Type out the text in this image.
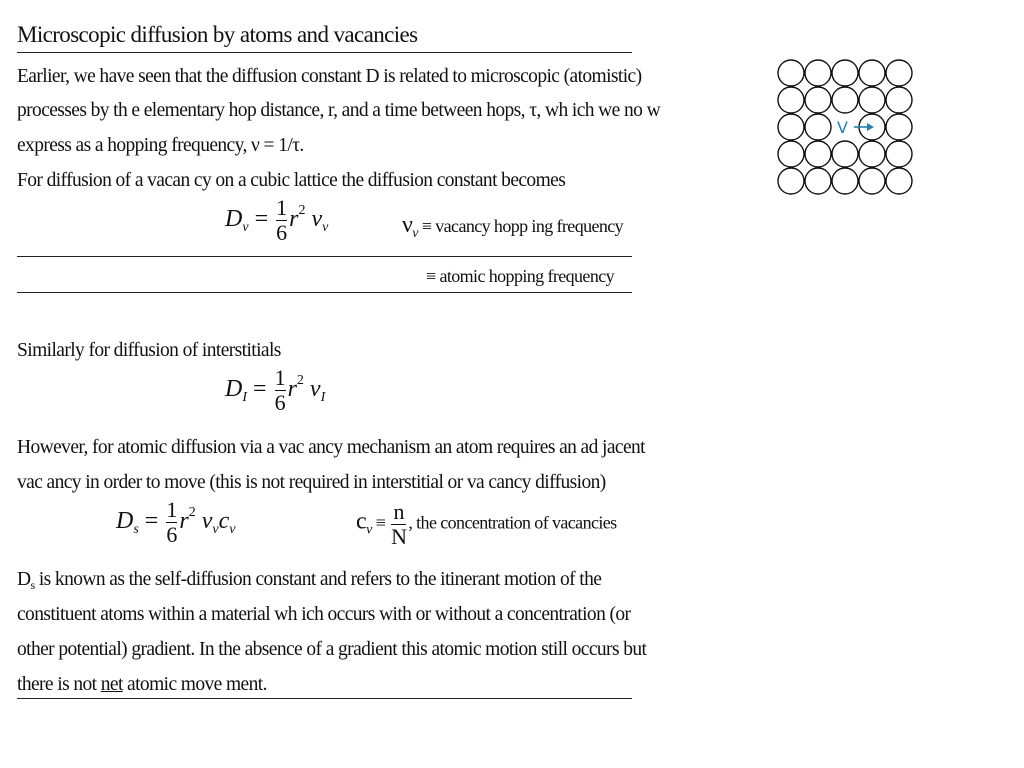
Microscopic diffusion by atoms and vacancies
Earlier, we have seen that the diffusion constant D is related to microscopic (atomistic)
processes by th e elementary hop distance, r, and a time between hops, τ, wh ich we no w
express as a hopping frequency, ν = 1/τ.
For diffusion of a vacan cy on a cubic lattice the diffusion constant becomes
$D_v = \frac{1}{6} r^2$ $\nu_v$	$\nu_v$ ≡ vacancy hopp ing frequency
≡ atomic hopping frequency
Similarly for diffusion of interstitials
$D_I = \frac{1}{6} r^2$ $\nu_I$
However, for atomic diffusion via a vac ancy mechanism an atom requires an ad jacent
vac ancy in order to move (this is not required in interstitial or va cancy diffusion)
$D_s = \frac{1}{6} r^2$ $\nu_vc_v$	$c_v \equiv \frac{n}{N}$ , the concentration of vacancies
$D_s$ is known as the self-diffusion constant and refers to the itinerant motion of the
constituent atoms within a material wh ich occurs with or without a concentration (or
other potential) gradient. In the absence of a gradient this atomic motion still occurs but
there is not net atomic move ment.
V
